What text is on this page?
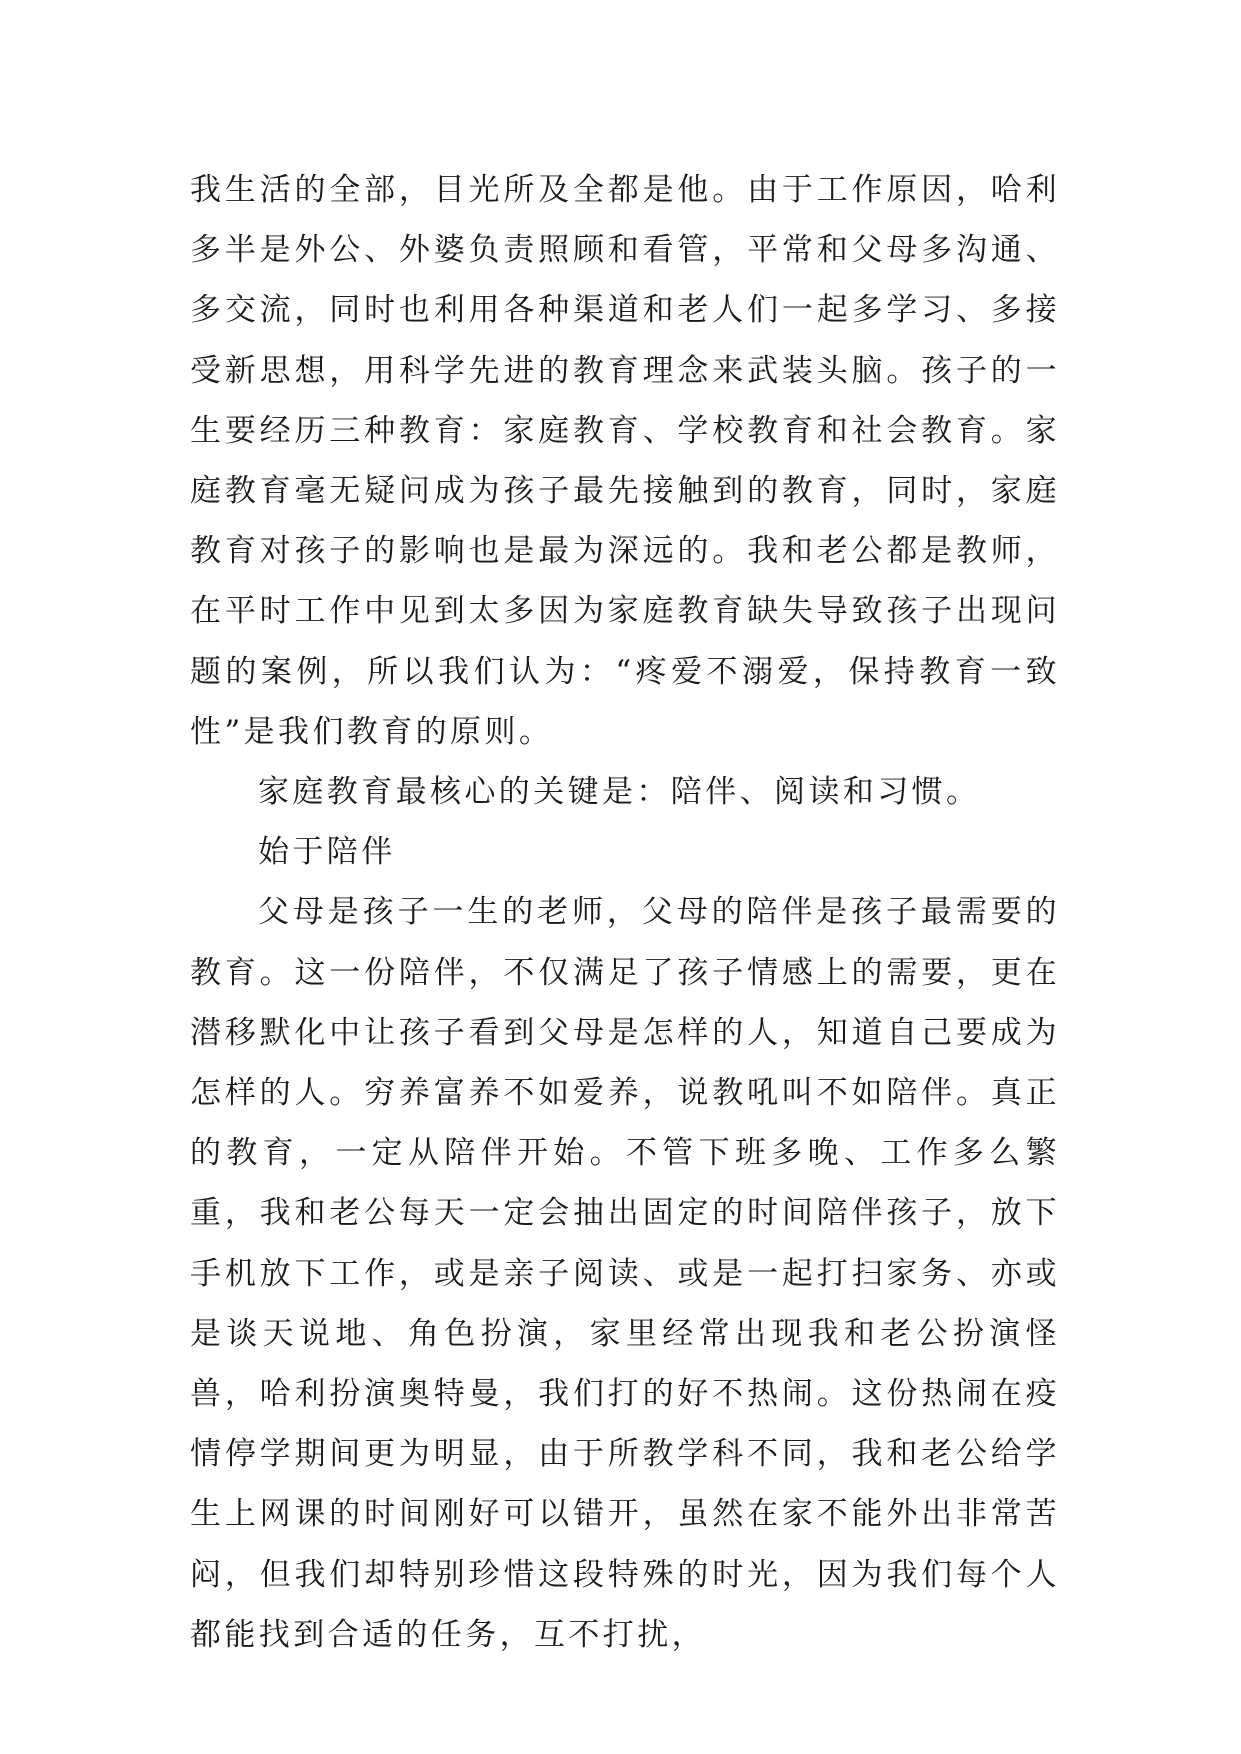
我生活的全部，目光所及全都是他。由于工作原因，哈利多半是外公、外婆负责照顾和看管，平常和父母多沟通、多交流，同时也利用各种渠道和老人们一起多学习、多接受新思想，用科学先进的教育理念来武装头脑。孩子的一生要经历三种教育：家庭教育、学校教育和社会教育。家庭教育毫无疑问成为孩子最先接触到的教育，同时，家庭教育对孩子的影响也是最为深远的。我和老公都是教师，在平时工作中见到太多因为家庭教育缺失导致孩子出现问题的案例，所以我们认为：“疼爱不溺爱，保持教育一致性”是我们教育的原则。

家庭教育最核心的关键是：陪伴、阅读和习惯。

始于陪伴

父母是孩子一生的老师，父母的陪伴是孩子最需要的教育。这一份陪伴，不仅满足了孩子情感上的需要，更在潜移默化中让孩子看到父母是怎样的人，知道自己要成为怎样的人。穷养富养不如爱养，说教吼叫不如陪伴。真正的教育，一定从陪伴开始。不管下班多晚、工作多么繁重，我和老公每天一定会抽出固定的时间陪伴孩子，放下手机放下工作，或是亲子阅读、或是一起打扫家务、亦或是谈天说地、角色扮演，家里经常出现我和老公扮演怪兽，哈利扮演奥特曼，我们打的好不热闹。这份热闹在疫情停学期间更为明显，由于所教学科不同，我和老公给学生上网课的时间刚好可以错开，虽然在家不能外出非常苦闷，但我们却特别珍惜这段特殊的时光，因为我们每个人都能找到合适的任务，互不打扰，
